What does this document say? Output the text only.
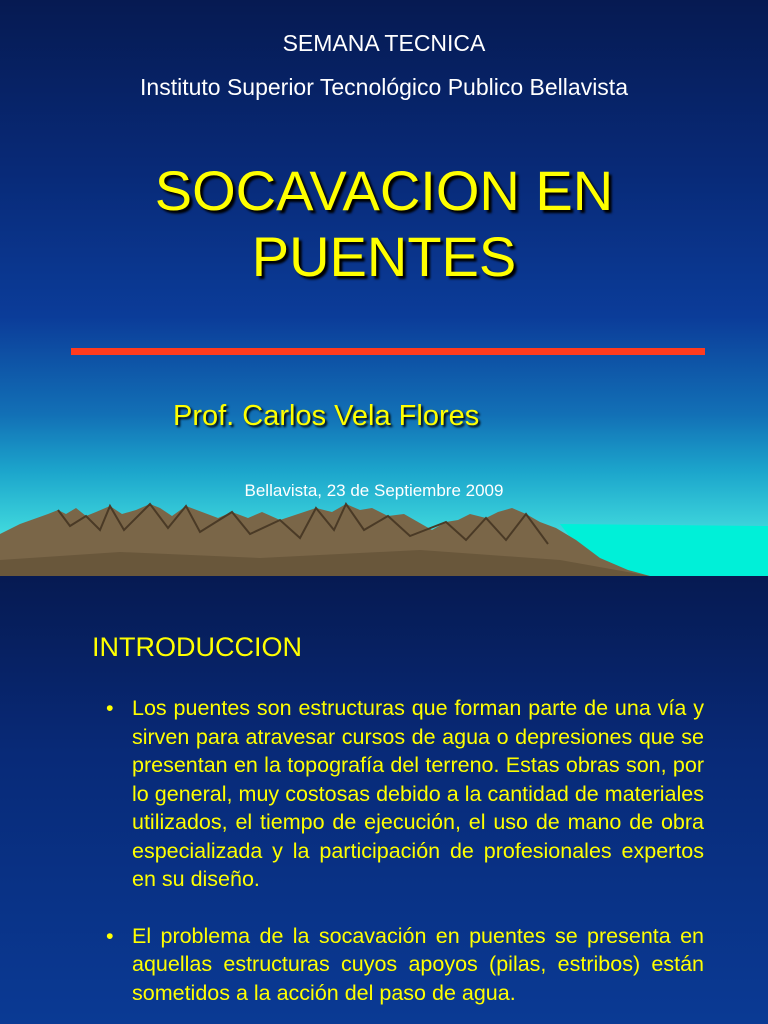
SEMANA TECNICA
Instituto Superior Tecnológico Publico Bellavista
SOCAVACION EN
PUENTES
Prof. Carlos Vela Flores
Bellavista, 23 de Septiembre 2009
INTRODUCCION
• Los puentes son estructuras que forman parte de una vía y sirven para atravesar cursos de agua o depresiones que se presentan en la topografía del terreno. Estas obras son, por lo general, muy costosas debido a la cantidad de materiales utilizados, el tiempo de ejecución, el uso de mano de obra especializada y la participación de profesionales expertos en su diseño.
• El problema de la socavación en puentes se presenta en aquellas estructuras cuyos apoyos (pilas, estribos) están sometidos a la acción del paso de agua.
